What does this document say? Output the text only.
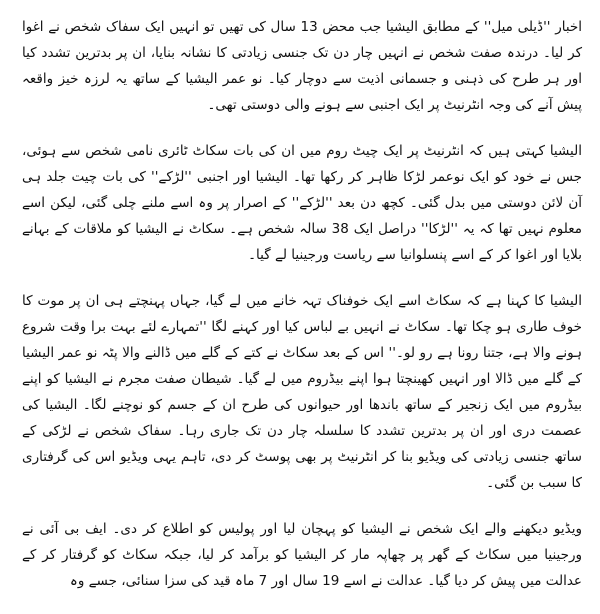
اخبار ''ڈیلی میل'' کے مطابق الیشیا جب محض 13 سال کی تھیں تو انہیں ایک سفاک شخص نے اغوا کر لیا۔ درندہ صفت شخص نے انہیں چار دن تک جنسی زیادتی کا نشانہ بنایا، ان پر بدترین تشدد کیا اور ہر طرح کی ذہنی و جسمانی اذیت سے دوچار کیا۔ نو عمر الیشیا کے ساتھ یہ لرزہ خیز واقعہ پیش آنے کی وجہ انٹرنیٹ پر ایک اجنبی سے ہونے والی دوستی تھی۔

الیشیا کہتی ہیں کہ انٹرنیٹ پر ایک چیٹ روم میں ان کی بات سکاٹ ٹائری نامی شخص سے ہوئی، جس نے خود کو ایک نوعمر لڑکا ظاہر کر رکھا تھا۔ الیشیا اور اجنبی ''لڑکے'' کی بات چیت جلد ہی آن لائن دوستی میں بدل گئی۔ کچھ دن بعد ''لڑکے'' کے اصرار پر وہ اسے ملنے چلی گئی، لیکن اسے معلوم نہیں تھا کہ یہ ''لڑکا'' دراصل ایک 38 سالہ شخص ہے۔ سکاٹ نے الیشیا کو ملاقات کے بہانے بلایا اور اغوا کر کے اسے پنسلوانیا سے ریاست ورجینیا لے گیا۔

الیشیا کا کہنا ہے کہ سکاٹ اسے ایک خوفناک تہہ خانے میں لے گیا، جہاں پہنچتے ہی ان پر موت کا خوف طاری ہو چکا تھا۔ سکاٹ نے انہیں بے لباس کیا اور کہنے لگا ''تمہارے لئے بہت برا وقت شروع ہونے والا ہے، جتنا رونا ہے رو لو۔'' اس کے بعد سکاٹ نے کتے کے گلے میں ڈالنے والا پٹہ نو عمر الیشیا کے گلے میں ڈالا اور انہیں کھینچتا ہوا اپنے بیڈروم میں لے گیا۔ شیطان صفت مجرم نے الیشیا کو اپنے بیڈروم میں ایک زنجیر کے ساتھ باندھا اور حیوانوں کی طرح ان کے جسم کو نوچنے لگا۔ الیشیا کی عصمت دری اور ان پر بدترین تشدد کا سلسلہ چار دن تک جاری رہا۔ سفاک شخص نے لڑکی کے ساتھ جنسی زیادتی کی ویڈیو بنا کر انٹرنیٹ پر بھی پوسٹ کر دی، تاہم یہی ویڈیو اس کی گرفتاری کا سبب بن گئی۔

ویڈیو دیکھنے والے ایک شخص نے الیشیا کو پہچان لیا اور پولیس کو اطلاع کر دی۔ ایف بی آئی نے ورجینیا میں سکاٹ کے گھر پر چھاپہ مار کر الیشیا کو برآمد کر لیا، جبکہ سکاٹ کو گرفتار کر کے عدالت میں پیش کر دیا گیا۔ عدالت نے اسے 19 سال اور 7 ماہ قید کی سزا سنائی، جسے وہ
